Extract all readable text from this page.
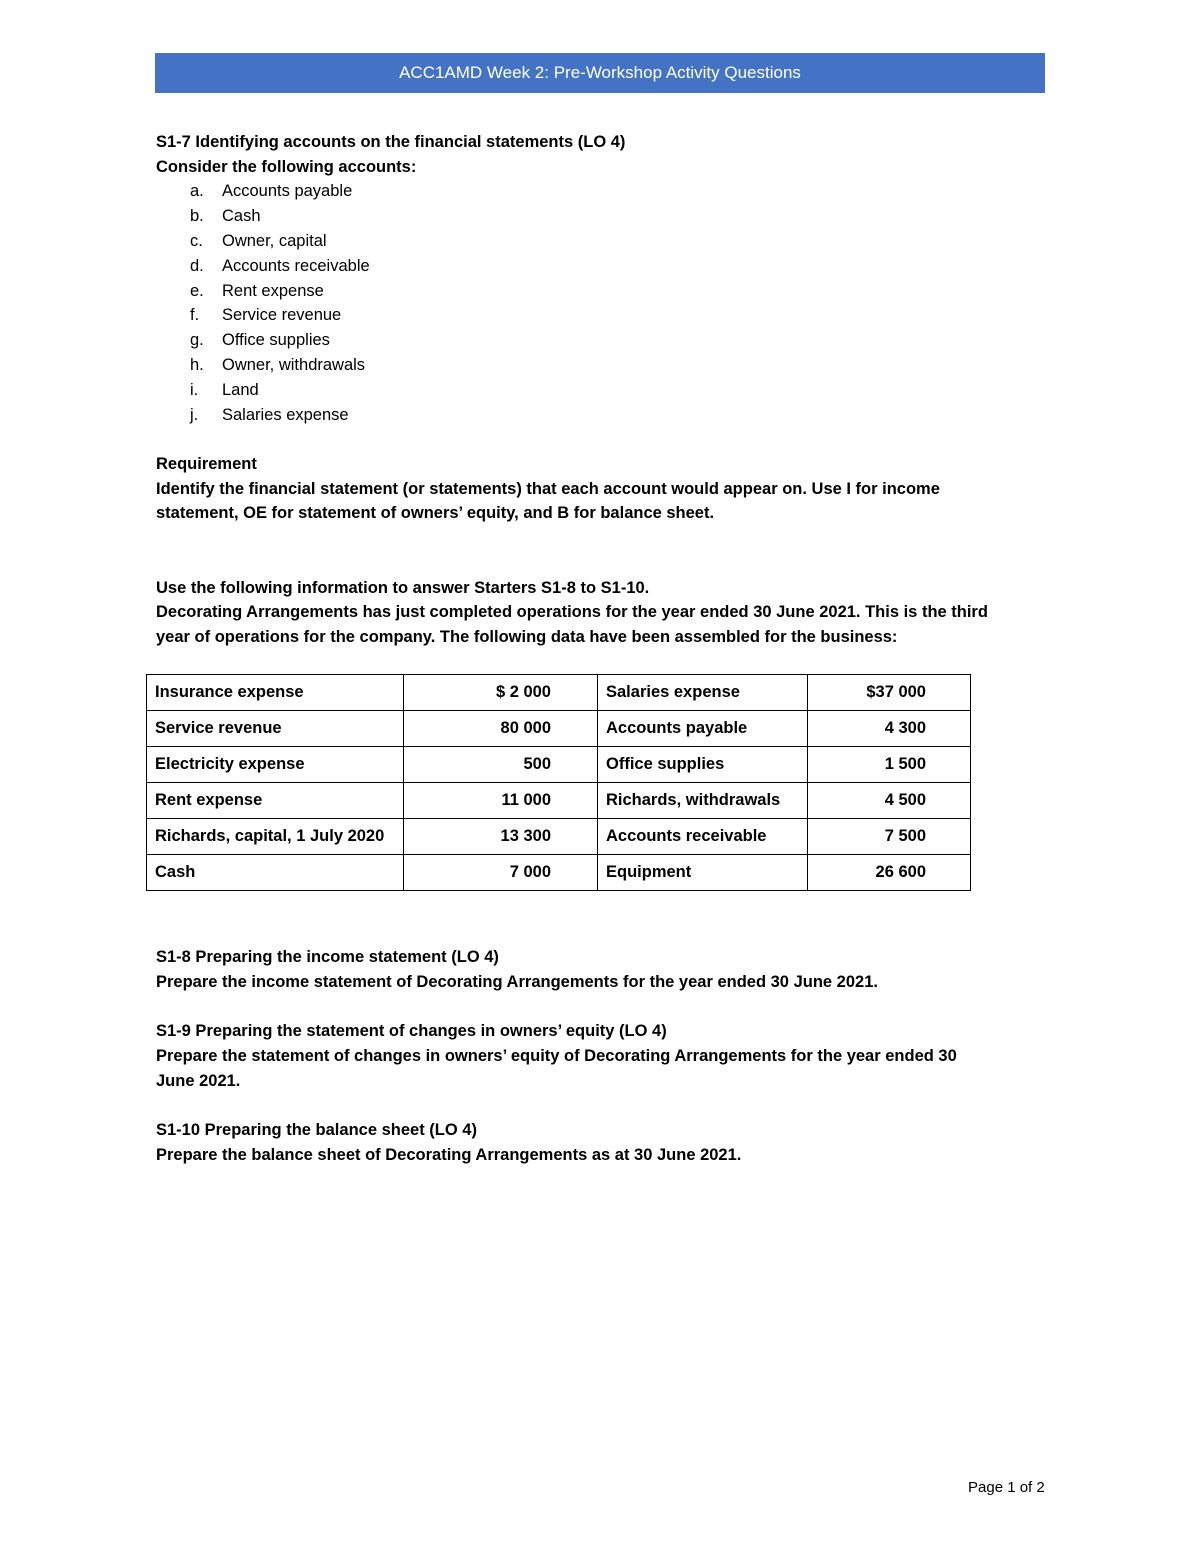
ACC1AMD Week 2: Pre-Workshop Activity Questions
S1-7 Identifying accounts on the financial statements (LO 4)
Consider the following accounts:
a.	Accounts payable
b.	Cash
c.	Owner, capital
d.	Accounts receivable
e.	Rent expense
f.	Service revenue
g.	Office supplies
h.	Owner, withdrawals
i.	Land
j.	Salaries expense
Requirement
Identify the financial statement (or statements) that each account would appear on. Use I for income
statement, OE for statement of owners’ equity, and B for balance sheet.
Use the following information to answer Starters S1-8 to S1-10.
Decorating Arrangements has just completed operations for the year ended 30 June 2021. This is the third
year of operations for the company. The following data have been assembled for the business:
Insurance expense	$ 2 000	Salaries expense	$37 000
Service revenue	80 000	Accounts payable	4 300
Electricity expense	500	Office supplies	1 500
Rent expense	11 000	Richards, withdrawals	4 500
Richards, capital, 1 July 2020	13 300	Accounts receivable	7 500
Cash	7 000	Equipment	26 600
S1-8 Preparing the income statement (LO 4)
Prepare the income statement of Decorating Arrangements for the year ended 30 June 2021.
S1-9 Preparing the statement of changes in owners’ equity (LO 4)
Prepare the statement of changes in owners’ equity of Decorating Arrangements for the year ended 30
June 2021.
S1-10 Preparing the balance sheet (LO 4)
Prepare the balance sheet of Decorating Arrangements as at 30 June 2021.
Page 1 of 2
